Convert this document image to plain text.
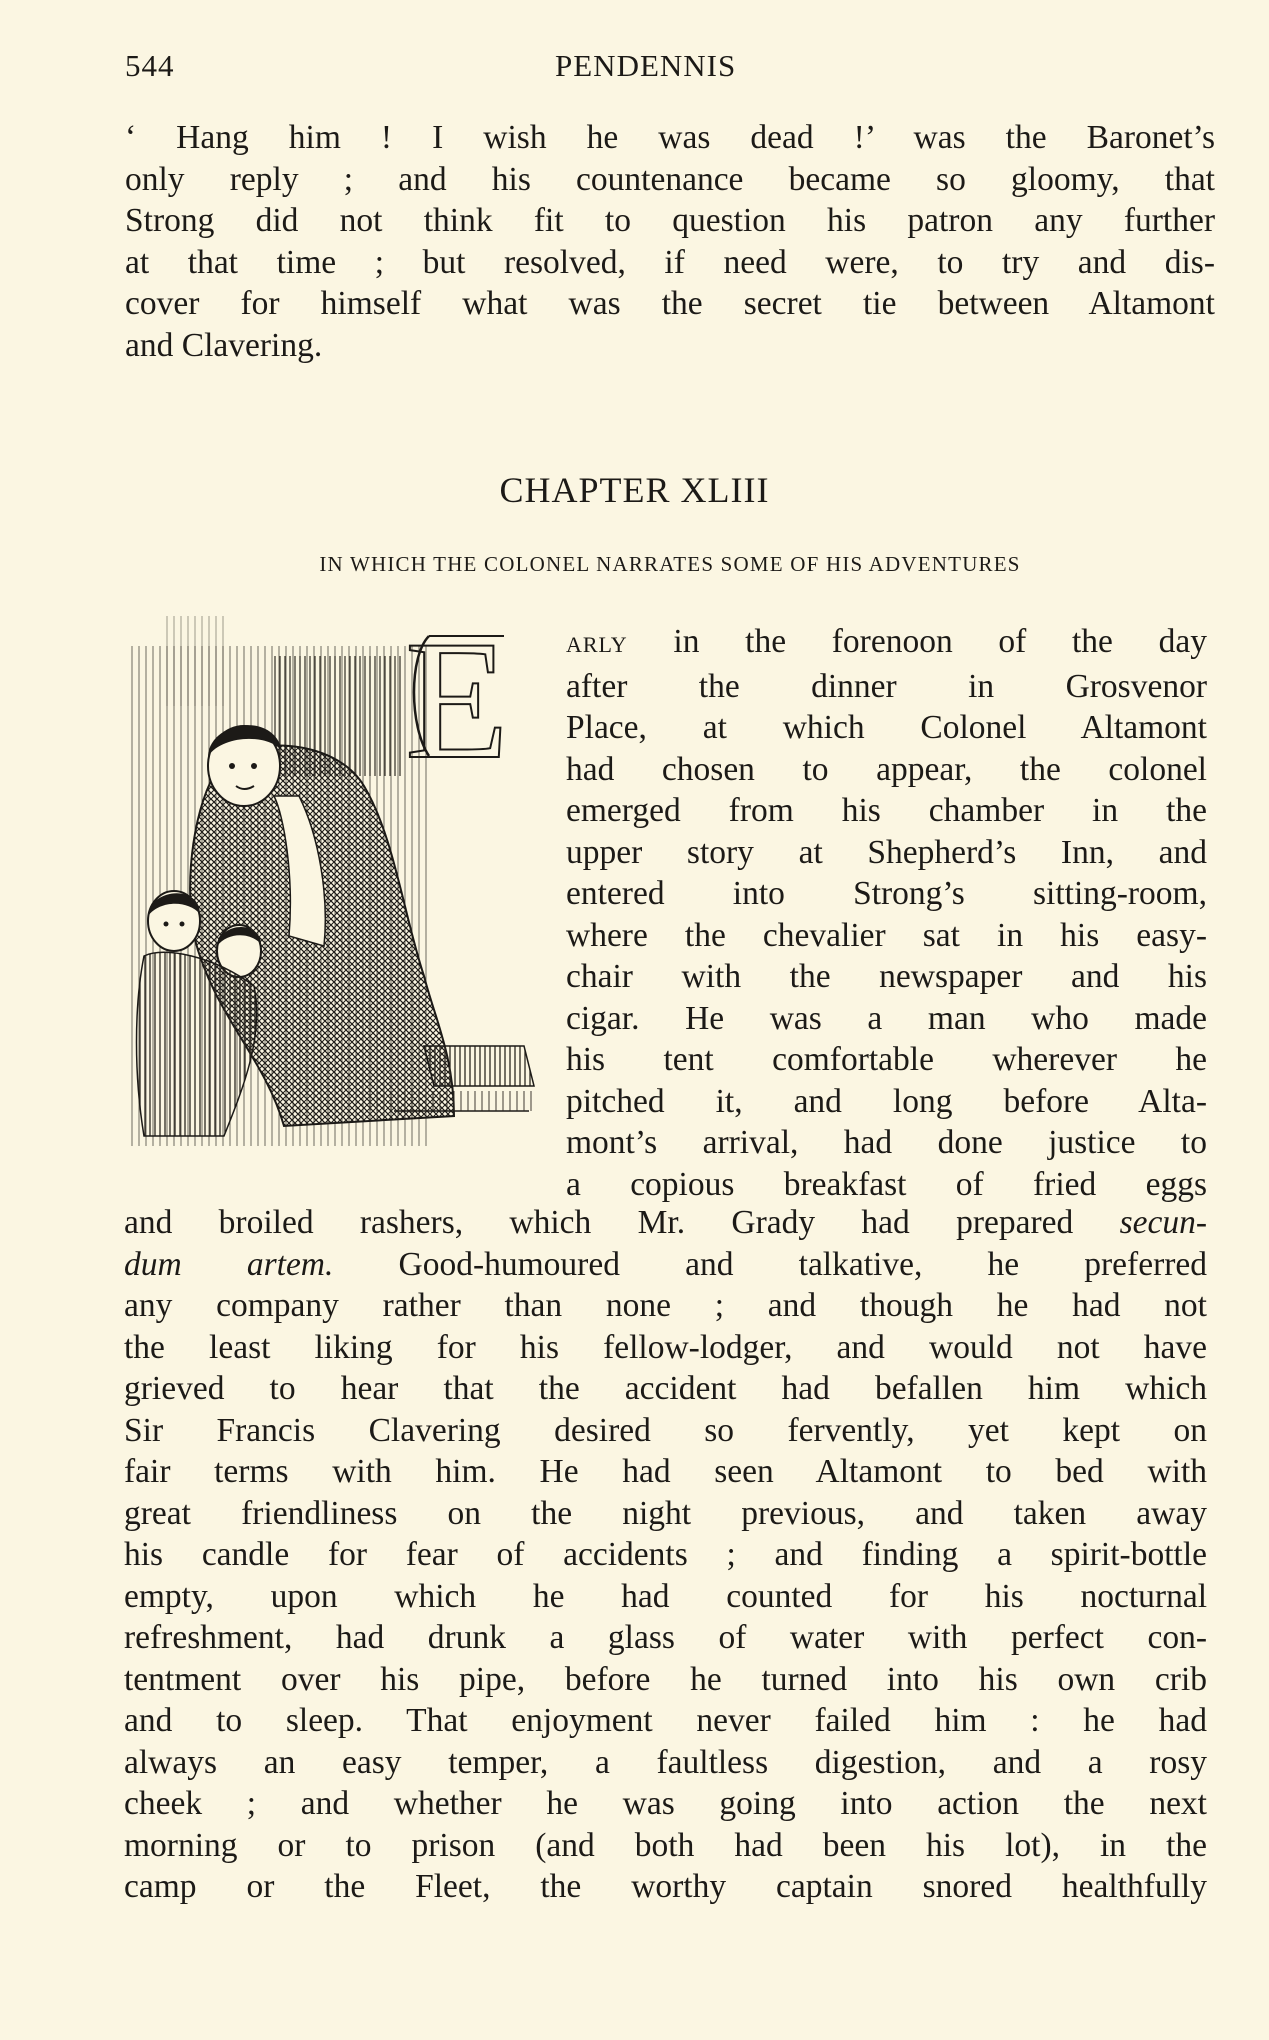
544	PENDENNIS
‘ Hang him ! I wish he was dead !’ was the Baronet’s
only reply ; and his countenance became so gloomy, that
Strong did not think fit to question his patron any further
at that time ; but resolved, if need were, to try and dis-
cover for himself what was the secret tie between Altamont
and Clavering.
CHAPTER XLIII
IN WHICH THE COLONEL NARRATES SOME OF HIS ADVENTURES
E	ARLY in the forenoon of the day
after the dinner in Grosvenor
Place, at which Colonel Altamont
had chosen to appear, the colonel
emerged from his chamber in the
upper story at Shepherd’s Inn, and
entered into Strong’s sitting-room,
where the chevalier sat in his easy-
chair with the newspaper and his
cigar. He was a man who made
his tent comfortable wherever he
pitched it, and long before Alta-
mont’s arrival, had done justice to
a copious breakfast of fried eggs
and broiled rashers, which Mr. Grady had prepared secun-
dum artem. Good-humoured and talkative, he preferred
any company rather than none ; and though he had not
the least liking for his fellow-lodger, and would not have
grieved to hear that the accident had befallen him which
Sir Francis Clavering desired so fervently, yet kept on
fair terms with him. He had seen Altamont to bed with
great friendliness on the night previous, and taken away
his candle for fear of accidents ; and finding a spirit-bottle
empty, upon which he had counted for his nocturnal
refreshment, had drunk a glass of water with perfect con-
tentment over his pipe, before he turned into his own crib
and to sleep. That enjoyment never failed him : he had
always an easy temper, a faultless digestion, and a rosy
cheek ; and whether he was going into action the next
morning or to prison (and both had been his lot), in the
camp or the Fleet, the worthy captain snored healthfully
